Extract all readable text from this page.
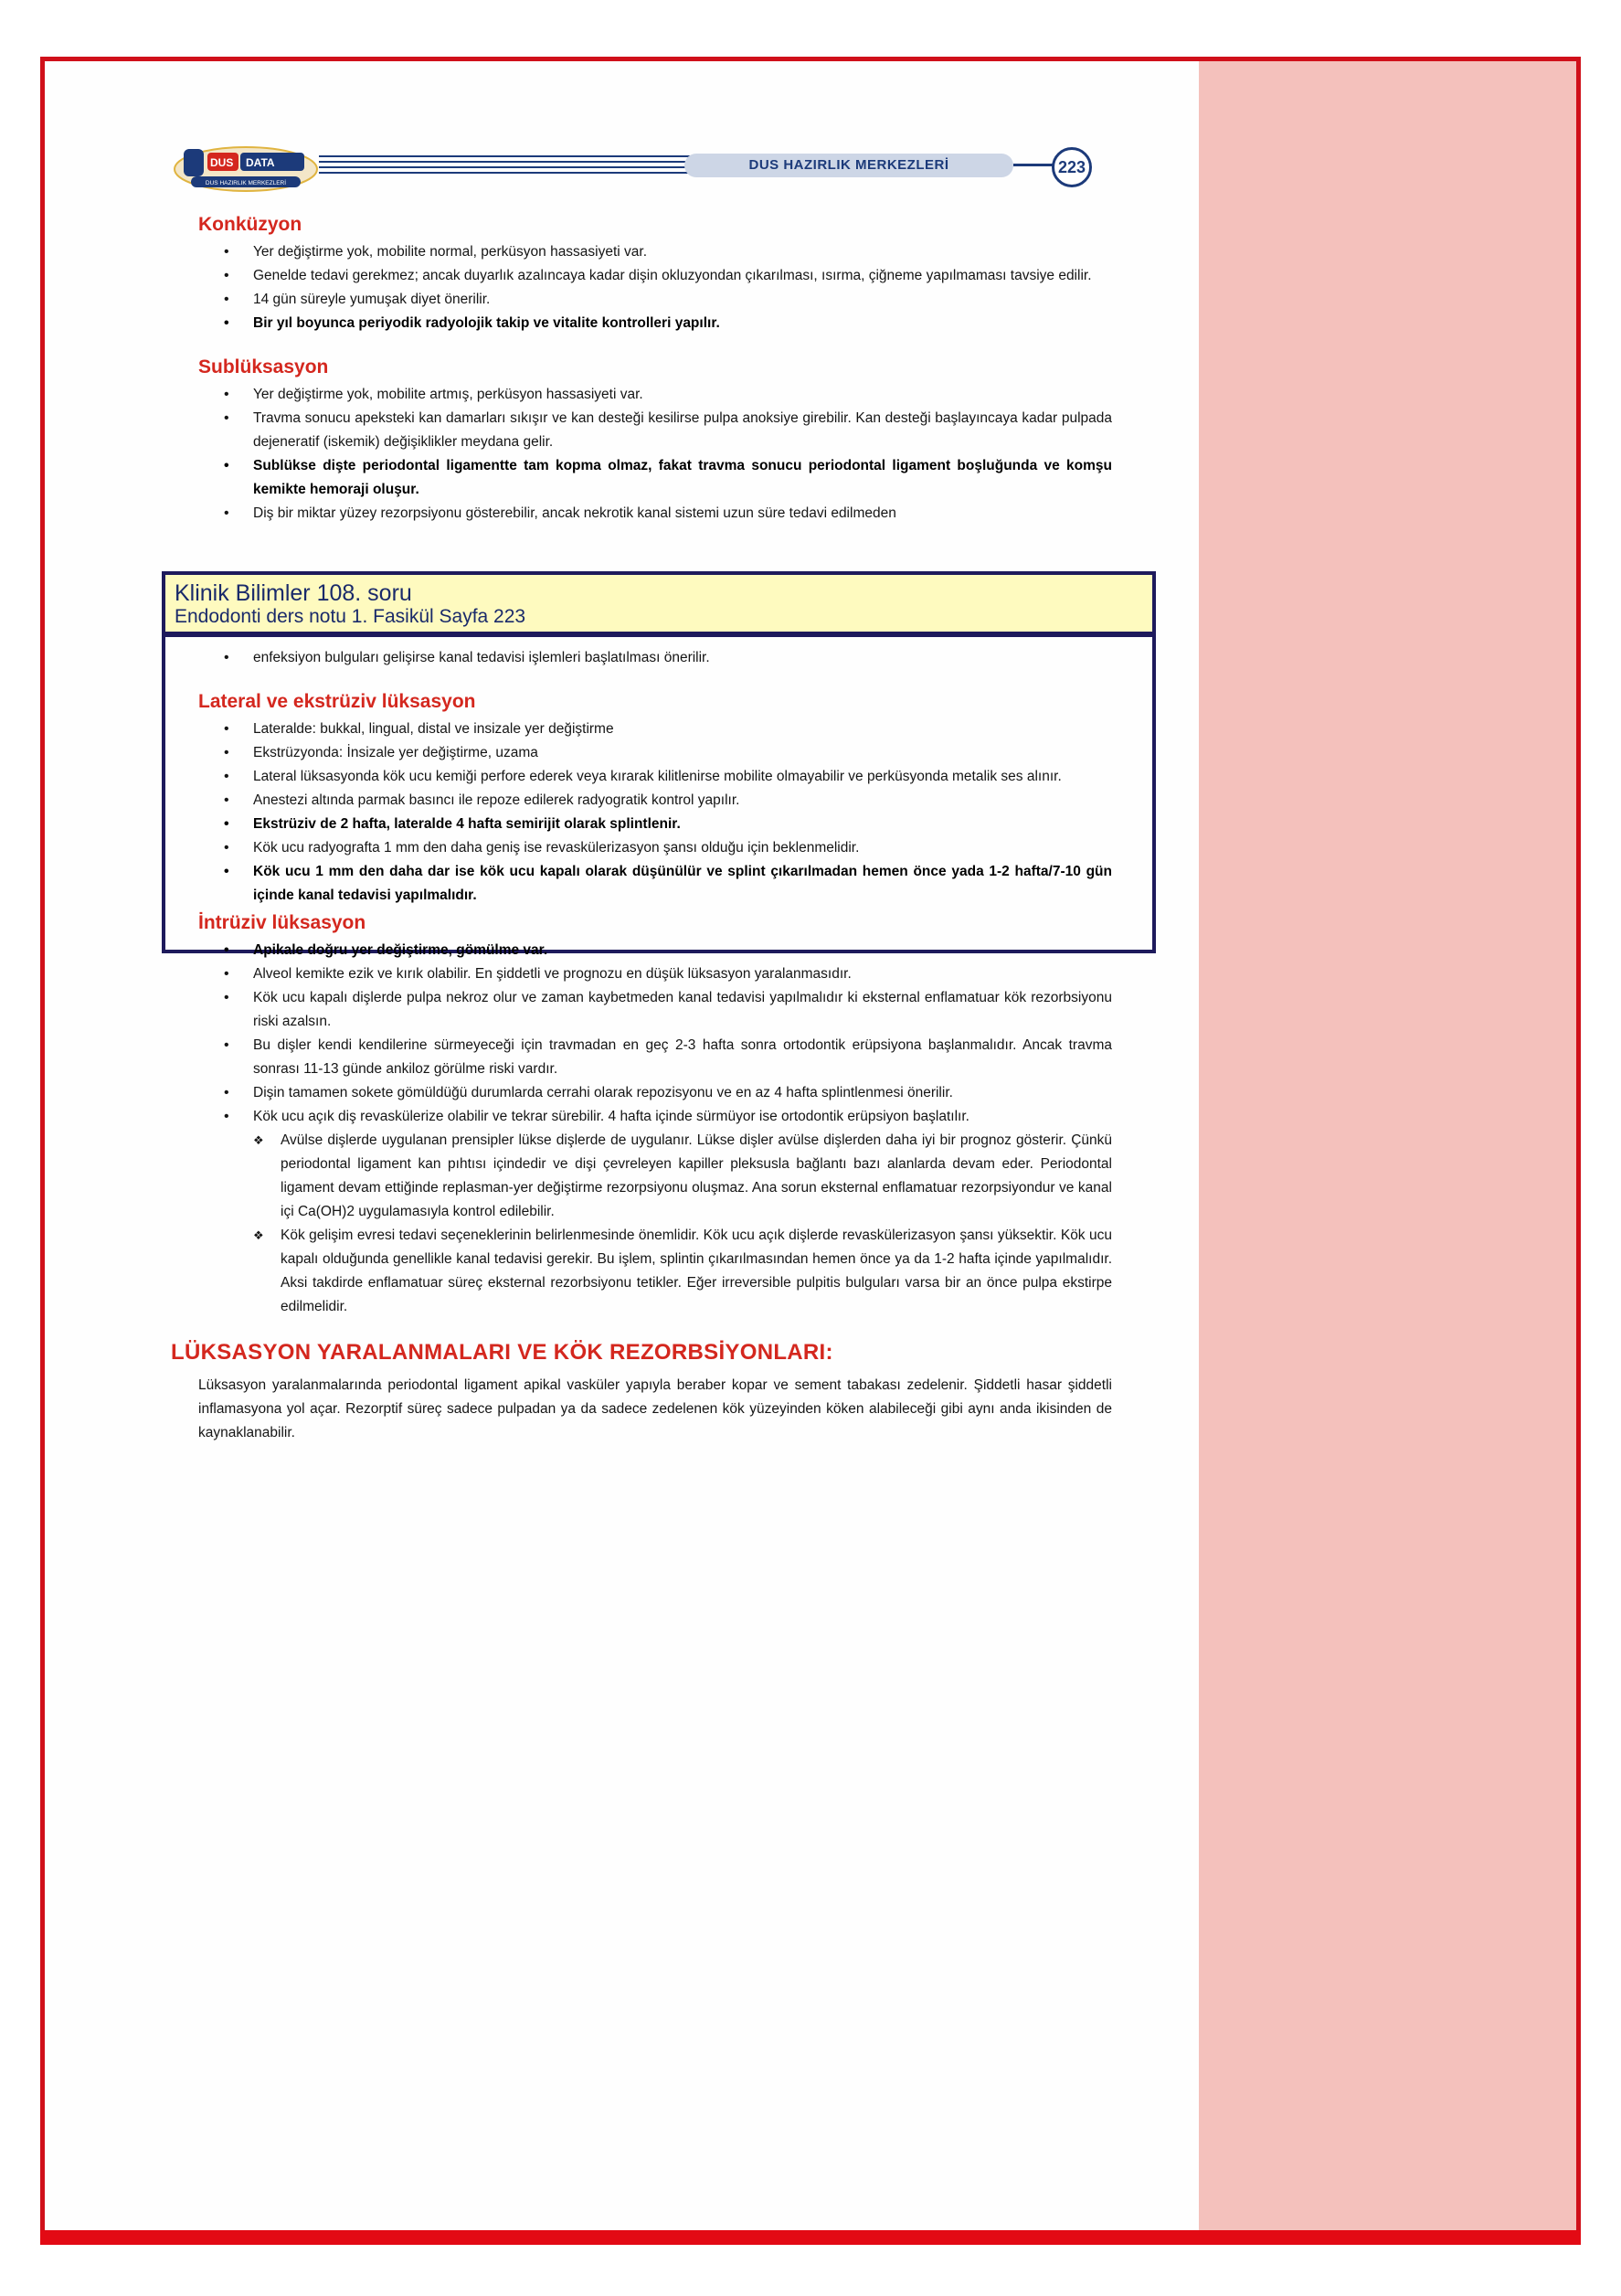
DUS DATA
DUS HAZIRLIK MERKEZLERİ
DUS HAZIRLIK MERKEZLERİ	223
Konküzyon
• Yer değiştirme yok, mobilite normal, perküsyon hassasiyeti var.
• Genelde tedavi gerekmez; ancak duyarlık azalıncaya kadar dişin okluzyondan çıkarılması, ısırma, çiğneme yapılmaması tavsiye edilir.
• 14 gün süreyle yumuşak diyet önerilir.
• Bir yıl boyunca periyodik radyolojik takip ve vitalite kontrolleri yapılır.
Sublüksasyon
• Yer değiştirme yok, mobilite artmış, perküsyon hassasiyeti var.
• Travma sonucu apeksteki kan damarları sıkışır ve kan desteği kesilirse pulpa anoksiye girebilir. Kan desteği başlayıncaya kadar pulpada dejeneratif (iskemik) değişiklikler meydana gelir.
• Sublükse dişte periodontal ligamentte tam kopma olmaz, fakat travma sonucu periodontal ligament boşluğunda ve komşu kemikte hemoraji oluşur.
• Diş bir miktar yüzey rezorpsiyonu gösterebilir, ancak nekrotik kanal sistemi uzun süre tedavi edilmeden
Klinik Bilimler 108. soru
Endodonti ders notu 1. Fasikül Sayfa 223
• enfeksiyon bulguları gelişirse kanal tedavisi işlemleri başlatılması önerilir.
Lateral ve ekstrüziv lüksasyon
• Lateralde: bukkal, lingual, distal ve insizale yer değiştirme
• Ekstrüzyonda: İnsizale yer değiştirme, uzama
• Lateral lüksasyonda kök ucu kemiği perfore ederek veya kırarak kilitlenirse mobilite olmayabilir ve perküsyonda metalik ses alınır.
• Anestezi altında parmak basıncı ile repoze edilerek radyogratik kontrol yapılır.
• Ekstrüziv de 2 hafta, lateralde 4 hafta semirijit olarak splintlenir.
• Kök ucu radyografta 1 mm den daha geniş ise revaskülerizasyon şansı olduğu için beklenmelidir.
• Kök ucu 1 mm den daha dar ise kök ucu kapalı olarak düşünülür ve splint çıkarılmadan hemen önce yada 1-2 hafta/7-10 gün içinde kanal tedavisi yapılmalıdır.
İntrüziv lüksasyon
• Apikale doğru yer değiştirme, gömülme var.
• Alveol kemikte ezik ve kırık olabilir. En şiddetli ve prognozu en düşük lüksasyon yaralanmasıdır.
• Kök ucu kapalı dişlerde pulpa nekroz olur ve zaman kaybetmeden kanal tedavisi yapılmalıdır ki eksternal enflamatuar kök rezorbsiyonu riski azalsın.
• Bu dişler kendi kendilerine sürmeyeceği için travmadan en geç 2-3 hafta sonra ortodontik erüpsiyona başlanmalıdır. Ancak travma sonrası 11-13 günde ankiloz görülme riski vardır.
• Dişin tamamen sokete gömüldüğü durumlarda cerrahi olarak repozisyonu ve en az 4 hafta splintlenmesi önerilir.
• Kök ucu açık diş revaskülerize olabilir ve tekrar sürebilir. 4 hafta içinde sürmüyor ise ortodontik erüpsiyon başlatılır.
❖ Avülse dişlerde uygulanan prensipler lükse dişlerde de uygulanır. Lükse dişler avülse dişlerden daha iyi bir prognoz gösterir. Çünkü periodontal ligament kan pıhtısı içindedir ve dişi çevreleyen kapiller pleksusla bağlantı bazı alanlarda devam eder. Periodontal ligament devam ettiğinde replasman-yer değiştirme rezorpsiyonu oluşmaz. Ana sorun eksternal enflamatuar rezorpsiyondur ve kanal içi Ca(OH)2 uygulamasıyla kontrol edilebilir.
❖ Kök gelişim evresi tedavi seçeneklerinin belirlenmesinde önemlidir. Kök ucu açık dişlerde revaskülerizasyon şansı yüksektir. Kök ucu kapalı olduğunda genellikle kanal tedavisi gerekir. Bu işlem, splintin çıkarılmasından hemen önce ya da 1-2 hafta içinde yapılmalıdır. Aksi takdirde enflamatuar süreç eksternal rezorbsiyonu tetikler. Eğer irreversible pulpitis bulguları varsa bir an önce pulpa ekstirpe edilmelidir.
LÜKSASYON YARALANMALARI VE KÖK REZORBSİYONLARI:

Lüksasyon yaralanmalarında periodontal ligament apikal vasküler yapıyla beraber kopar ve sement tabakası zedelenir. Şiddetli hasar şiddetli inflamasyona yol açar. Rezorptif süreç sadece pulpadan ya da sadece zedelenen kök yüzeyinden köken alabileceği gibi aynı anda ikisinden de kaynaklanabilir.
